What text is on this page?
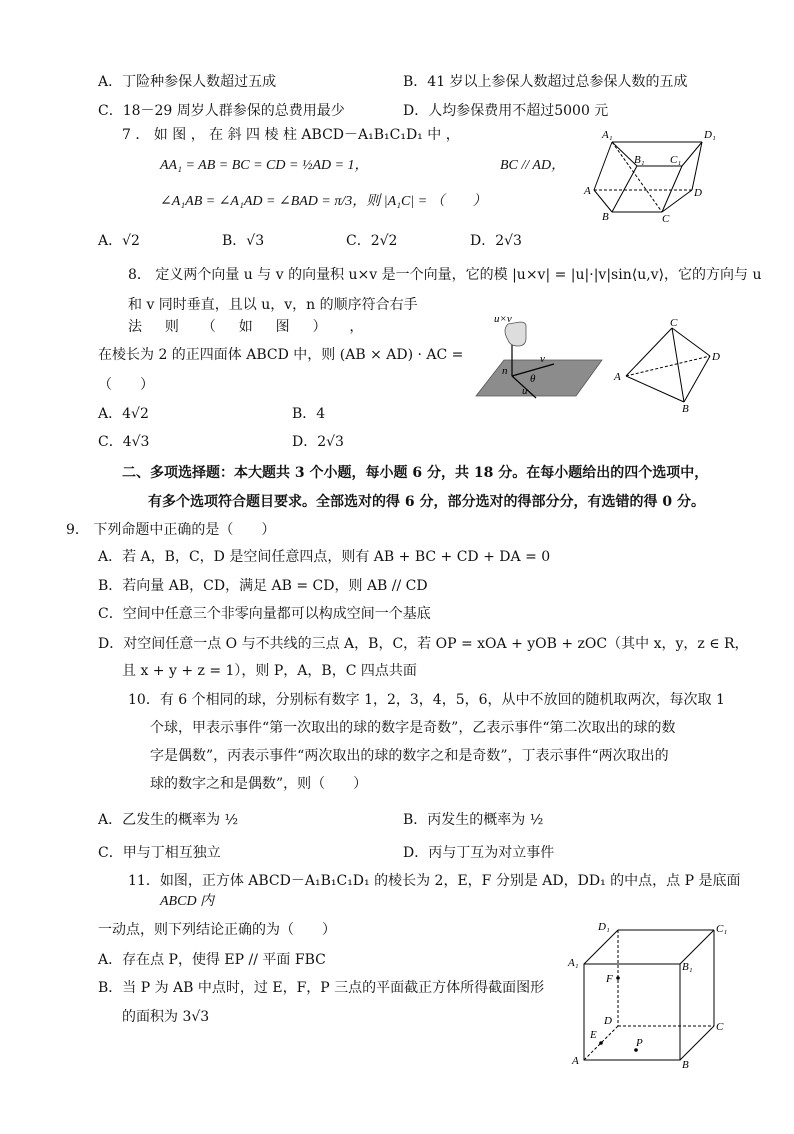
A．丁险种参保人数超过五成	B．41 岁以上参保人数超过总参保人数的五成
C．18－29 周岁人群参保的总费用最少	D．人均参保费用不超过5000 元
7 ． 如 图 ， 在 斜 四 棱 柱 ABCD－A₁B₁C₁D₁ 中 ，
AA₁ = AB = BC = CD = ½AD = 1，	BC // AD，
∠A₁AB = ∠A₁AD = ∠BAD = π/3，则 |A₁C| = （　　）
A．√2	B．√3	C．2√2	D．2√3
A₁	D₁
B₁ C₁
A	D
B	C
8． 定义两个向量 u 与 v 的向量积 u×v 是一个向量，它的模 |u×v| = |u|·|v|sin⟨u,v⟩，它的方向与 u
和 v 同时垂直，且以 u，v，n 的顺序符合右手
法 　 则 　 （ 　 如 　 图 　 ） 　 ，
在棱长为 2 的正四面体 ABCD 中，则 (AB × AD) · AC =
（　　）
A．4√2	B．4
C．4√3	D．2√3
u×v
v
n
θ
u
C
D
A
B
二、多项选择题：本大题共 3 个小题，每小题 6 分，共 18 分。在每小题给出的四个选项中，
有多个选项符合题目要求。全部选对的得 6 分，部分选对的得部分分，有选错的得 0 分。
9． 下列命题中正确的是（　　）
A．若 A，B，C，D 是空间任意四点，则有 AB + BC + CD + DA = 0
B．若向量 AB，CD，满足 AB = CD，则 AB // CD
C．空间中任意三个非零向量都可以构成空间一个基底
D．对空间任意一点 O 与不共线的三点 A，B，C，若 OP = xOA + yOB + zOC（其中 x，y，z ∈ R，
且 x + y + z = 1），则 P，A，B，C 四点共面
10．有 6 个相同的球，分别标有数字 1，2，3，4，5，6，从中不放回的随机取两次，每次取 1
个球，甲表示事件“第一次取出的球的数字是奇数”，乙表示事件“第二次取出的球的数
字是偶数”，丙表示事件“两次取出的球的数字之和是奇数”，丁表示事件“两次取出的
球的数字之和是偶数”，则（　　）
A．乙发生的概率为 ½	B．丙发生的概率为 ½
C．甲与丁相互独立	D．丙与丁互为对立事件
11．如图，正方体 ABCD－A₁B₁C₁D₁ 的棱长为 2，E，F 分别是 AD，DD₁ 的中点，点 P 是底面
ABCD 内
一动点，则下列结论正确的为（　　）
A．存在点 P，使得 EP // 平面 FBC
B．当 P 为 AB 中点时，过 E，F，P 三点的平面截正方体所得截面图形
的面积为 3√3
D₁	C₁
A₁	B₁
F
D	C
E
P
A	B
